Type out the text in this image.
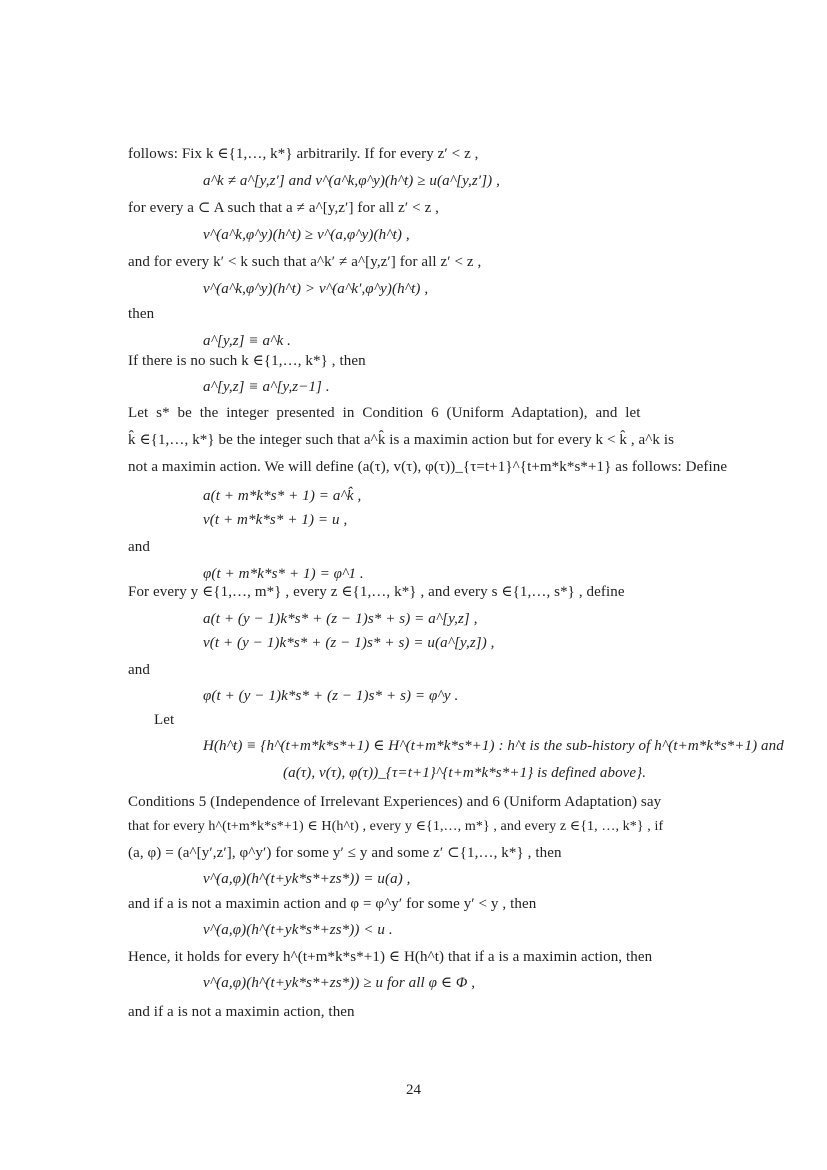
follows: Fix k ∈{1,…, k*} arbitrarily. If for every z′ < z ,
a^k ≠ a^[y,z′] and v^(a^k,φ^y)(h^t) ≥ u(a^[y,z′]) ,
for every a ⊂ A such that a ≠ a^[y,z′] for all z′ < z ,
v^(a^k,φ^y)(h^t) ≥ v^(a,φ^y)(h^t) ,
and for every k′ < k such that a^k′ ≠ a^[y,z′] for all z′ < z ,
v^(a^k,φ^y)(h^t) > v^(a^k′,φ^y)(h^t) ,
then
a^[y,z] ≡ a^k .
If there is no such k ∈{1,…, k*} , then
a^[y,z] ≡ a^[y,z−1] .
Let s* be the integer presented in Condition 6 (Uniform Adaptation), and let
k̂ ∈{1,…, k*} be the integer such that a^k̂ is a maximin action but for every k < k̂ , a^k is
not a maximin action. We will define (a(τ), v(τ), φ(τ))_{τ=t+1}^{t+m*k*s*+1} as follows: Define
a(t + m*k*s* + 1) = a^k̂ ,
v(t + m*k*s* + 1) = u ,
and
φ(t + m*k*s* + 1) = φ^1 .
For every y ∈{1,…, m*} , every z ∈{1,…, k*} , and every s ∈{1,…, s*} , define
a(t + (y − 1)k*s* + (z − 1)s* + s) = a^[y,z] ,
v(t + (y − 1)k*s* + (z − 1)s* + s) = u(a^[y,z]) ,
and
φ(t + (y − 1)k*s* + (z − 1)s* + s) = φ^y .
Let
H(h^t) ≡ {h^(t+m*k*s*+1) ∈ H^(t+m*k*s*+1) : h^t is the sub-history of h^(t+m*k*s*+1) and
(a(τ), v(τ), φ(τ))_{τ=t+1}^{t+m*k*s*+1} is defined above}.
Conditions 5 (Independence of Irrelevant Experiences) and 6 (Uniform Adaptation) say
that for every h^(t+m*k*s*+1) ∈ H(h^t) , every y ∈{1,…, m*} , and every z ∈{1, …, k*} , if
(a, φ) = (a^[y′,z′], φ^y′) for some y′ ≤ y and some z′ ⊂{1,…, k*} , then
v^(a,φ)(h^(t+yk*s*+zs*)) = u(a) ,
and if a is not a maximin action and φ = φ^y′ for some y′ < y , then
v^(a,φ)(h^(t+yk*s*+zs*)) < u .
Hence, it holds for every h^(t+m*k*s*+1) ∈ H(h^t) that if a is a maximin action, then
v^(a,φ)(h^(t+yk*s*+zs*)) ≥ u for all φ ∈ Φ ,
and if a is not a maximin action, then
24
